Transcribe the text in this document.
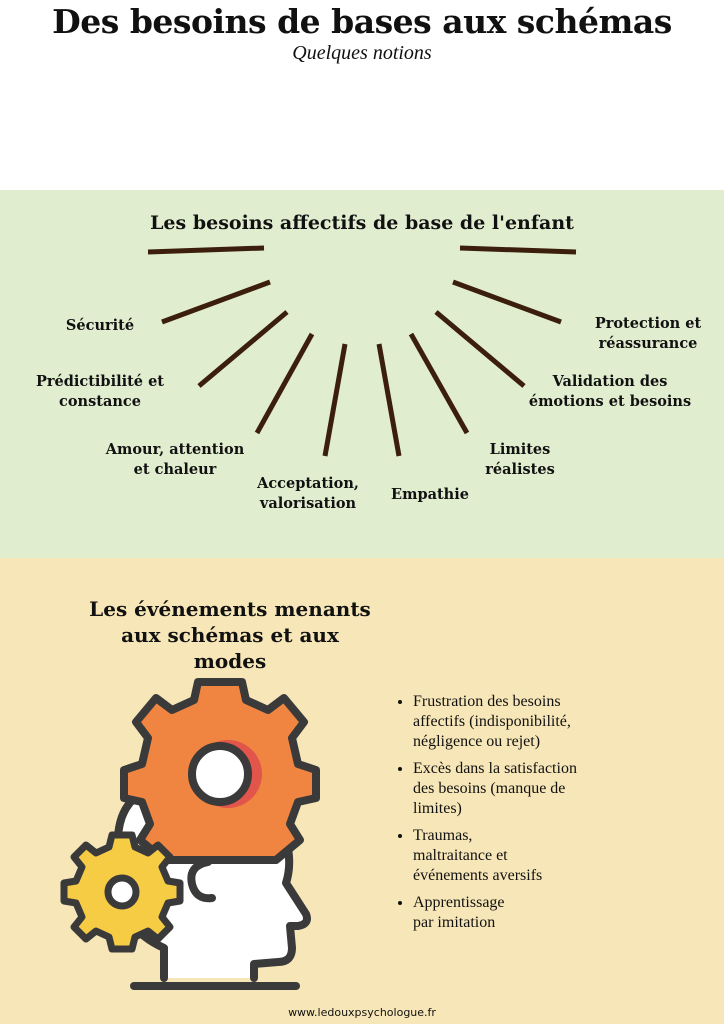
Des besoins de bases aux schémas
Quelques notions
Les besoins affectifs de base de l'enfant
Sécurité
Prédictibilité et
constance
Amour, attention
et chaleur
Acceptation,
valorisation
Empathie
Limites
réalistes
Validation des
émotions et besoins
Protection et
réassurance
Les événements menants
aux schémas et aux
modes
• Frustration des besoins
affectifs (indisponibilité,
négligence ou rejet)
• Excès dans la satisfaction
des besoins (manque de
limites)
• Traumas,
maltraitance et
événements aversifs
• Apprentissage
par imitation
www.ledouxpsychologue.fr
